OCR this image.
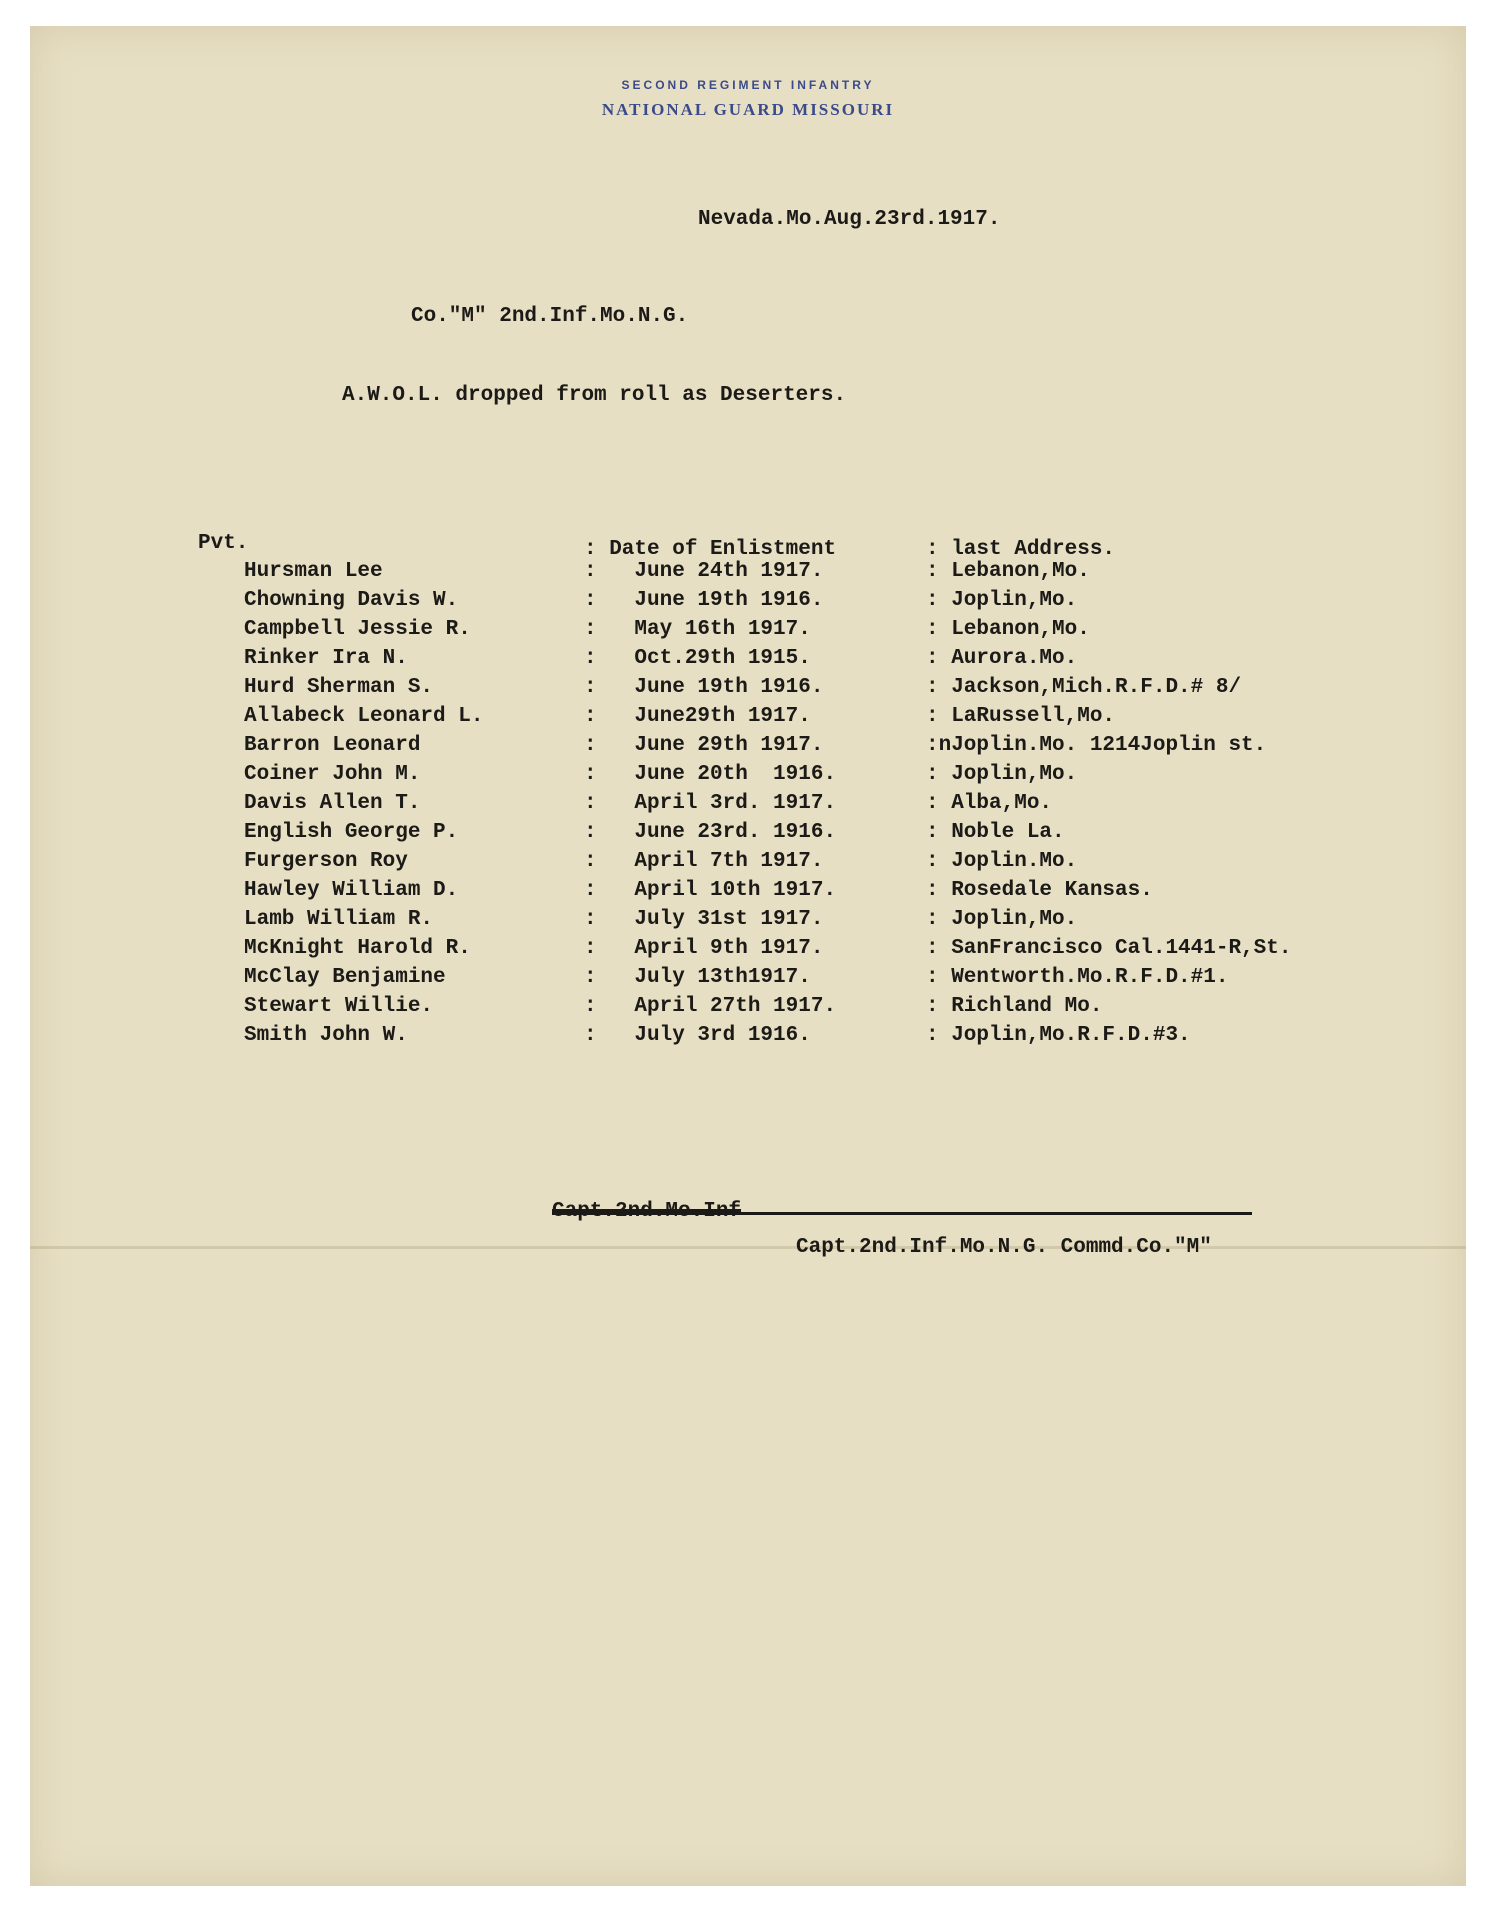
SECOND REGIMENT INFANTRY
NATIONAL GUARD MISSOURI
Nevada.Mo.Aug.23rd.1917.
Co."M" 2nd.Inf.Mo.N.G.
A.W.O.L. dropped from roll as Deserters.
Pvt.	: Date of Enlistment	: last Address.
Hursman Lee	:   June 24th 1917.	: Lebanon,Mo.
Chowning Davis W.	:   June 19th 1916.	: Joplin,Mo.
Campbell Jessie R.	:   May 16th 1917.	: Lebanon,Mo.
Rinker Ira N.	:   Oct.29th 1915.	: Aurora.Mo.
Hurd Sherman S.	:   June 19th 1916.	: Jackson,Mich.R.F.D.# 8/
Allabeck Leonard L.	:   June29th 1917.	: LaRussell,Mo.
Barron Leonard	:   June 29th 1917.	:nJoplin.Mo. 1214Joplin st.
Coiner John M.	:   June 20th  1916.	: Joplin,Mo.
Davis Allen T.	:   April 3rd. 1917.	: Alba,Mo.
English George P.	:   June 23rd. 1916.	: Noble La.
Furgerson Roy	:   April 7th 1917.	: Joplin.Mo.
Hawley William D.	:   April 10th 1917.	: Rosedale Kansas.
Lamb William R.	:   July 31st 1917.	: Joplin,Mo.
McKnight Harold R.	:   April 9th 1917.	: SanFrancisco Cal.1441-R,St.
McClay Benjamine	:   July 13th1917.	: Wentworth.Mo.R.F.D.#1.
Stewart Willie.	:   April 27th 1917.	: Richland Mo.
Smith John W.	:   July 3rd 1916.	: Joplin,Mo.R.F.D.#3.
Capt.2nd.Inf.Mo.N.G. Commd.Co."M"
